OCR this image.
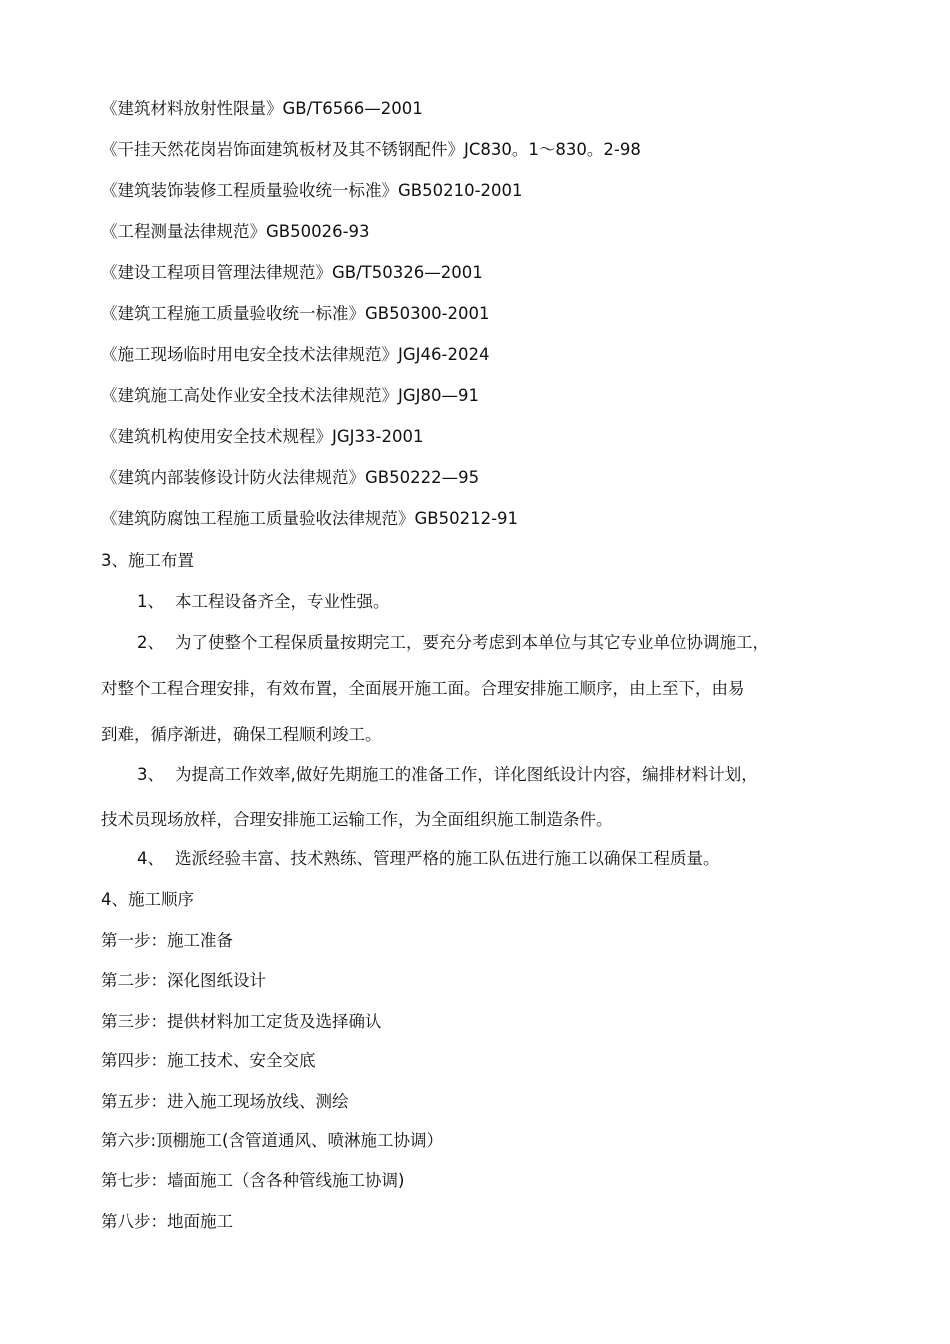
《建筑材料放射性限量》GB/T6566—2001
《干挂天然花岗岩饰面建筑板材及其不锈钢配件》JC830。1～830。2-98
《建筑装饰装修工程质量验收统一标准》GB50210-2001
《工程测量法律规范》GB50026-93
《建设工程项目管理法律规范》GB/T50326—2001
《建筑工程施工质量验收统一标准》GB50300-2001
《施工现场临时用电安全技术法律规范》JGJ46-2024
《建筑施工高处作业安全技术法律规范》JGJ80—91
《建筑机构使用安全技术规程》JGJ33-2001
《建筑内部装修设计防火法律规范》GB50222—95
《建筑防腐蚀工程施工质量验收法律规范》GB50212-91
3、施工布置
1、 本工程设备齐全，专业性强。
2、 为了使整个工程保质量按期完工，要充分考虑到本单位与其它专业单位协调施工，
对整个工程合理安排，有效布置，全面展开施工面。合理安排施工顺序，由上至下，由易
到难，循序渐进，确保工程顺利竣工。
3、 为提高工作效率,做好先期施工的准备工作，详化图纸设计内容，编排材料计划，
技术员现场放样，合理安排施工运输工作，为全面组织施工制造条件。
4、 选派经验丰富、技术熟练、管理严格的施工队伍进行施工以确保工程质量。
4、施工顺序
第一步：施工准备
第二步：深化图纸设计
第三步：提供材料加工定货及选择确认
第四步：施工技术、安全交底
第五步：进入施工现场放线、测绘
第六步:顶棚施工(含管道通风、喷淋施工协调）
第七步：墙面施工（含各种管线施工协调)
第八步：地面施工
